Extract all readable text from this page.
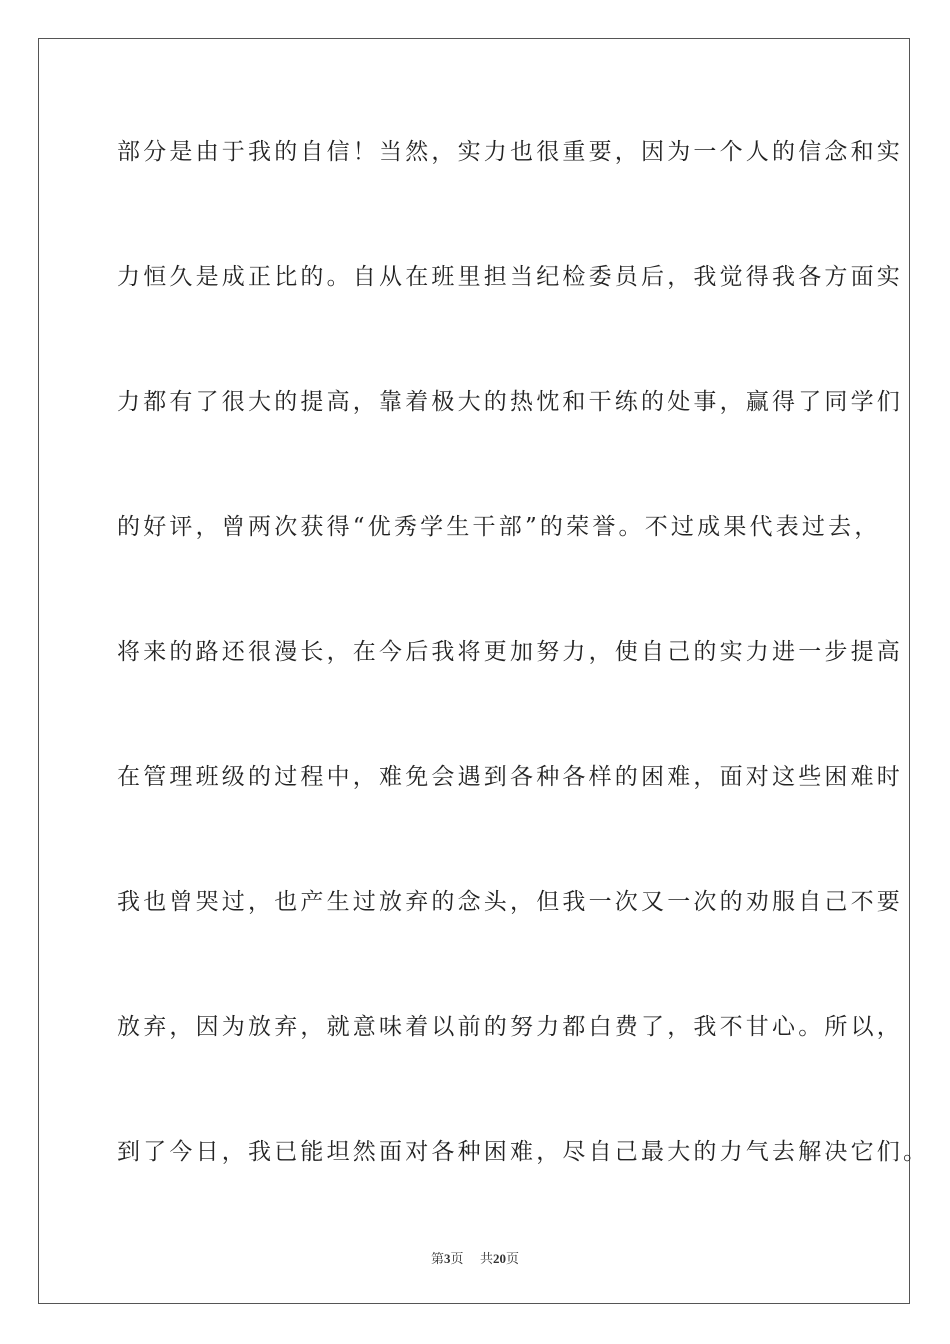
部分是由于我的自信！当然，实力也很重要，因为一个人的信念和实
力恒久是成正比的。自从在班里担当纪检委员后，我觉得我各方面实
力都有了很大的提高，靠着极大的热忱和干练的处事，赢得了同学们
的好评，曾两次获得“优秀学生干部”的荣誉。不过成果代表过去，
将来的路还很漫长，在今后我将更加努力，使自己的实力进一步提高
在管理班级的过程中，难免会遇到各种各样的困难，面对这些困难时
我也曾哭过，也产生过放弃的念头，但我一次又一次的劝服自己不要
放弃，因为放弃，就意味着以前的努力都白费了，我不甘心。所以，
到了今日，我已能坦然面对各种困难，尽自己最大的力气去解决它们。
第3页 共20页
